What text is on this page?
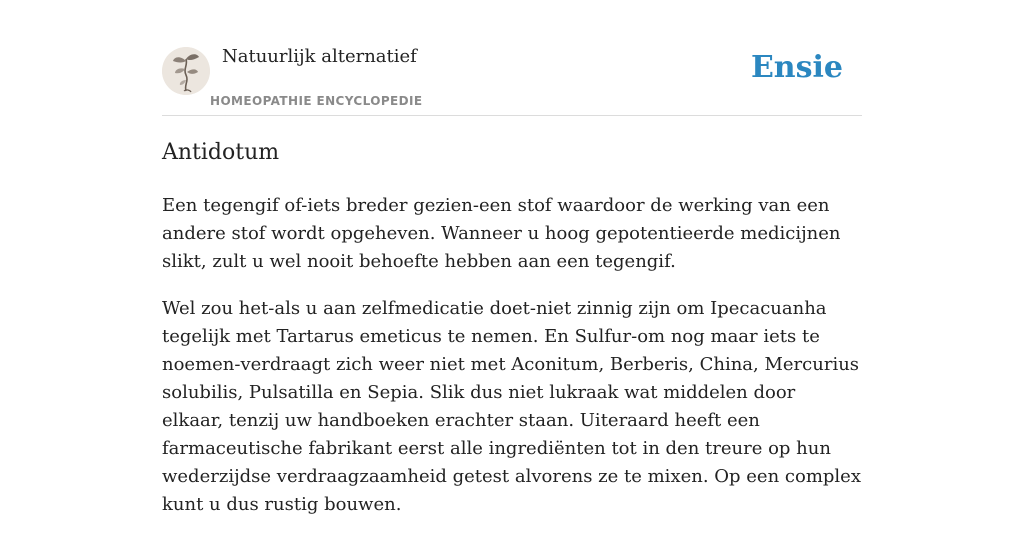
Natuurlijk alternatief
HOMEOPATHIE ENCYCLOPEDIE
Ensie
Antidotum

Een tegengif of-iets breder gezien-een stof waardoor de werking van een andere stof wordt opgeheven. Wanneer u hoog gepotentieerde medicijnen slikt, zult u wel nooit behoefte hebben aan een tegengif.

Wel zou het-als u aan zelfmedicatie doet-niet zinnig zijn om Ipecacuanha tegelijk met Tartarus emeticus te nemen. En Sulfur-om nog maar iets te noemen-verdraagt zich weer niet met Aconitum, Berberis, China, Mercurius solubilis, Pulsatilla en Sepia. Slik dus niet lukraak wat middelen door elkaar, tenzij uw handboeken erachter staan. Uiteraard heeft een farmaceutische fabrikant eerst alle ingrediënten tot in den treure op hun wederzijdse verdraagzaamheid getest alvorens ze te mixen. Op een complex kunt u dus rustig bouwen.
